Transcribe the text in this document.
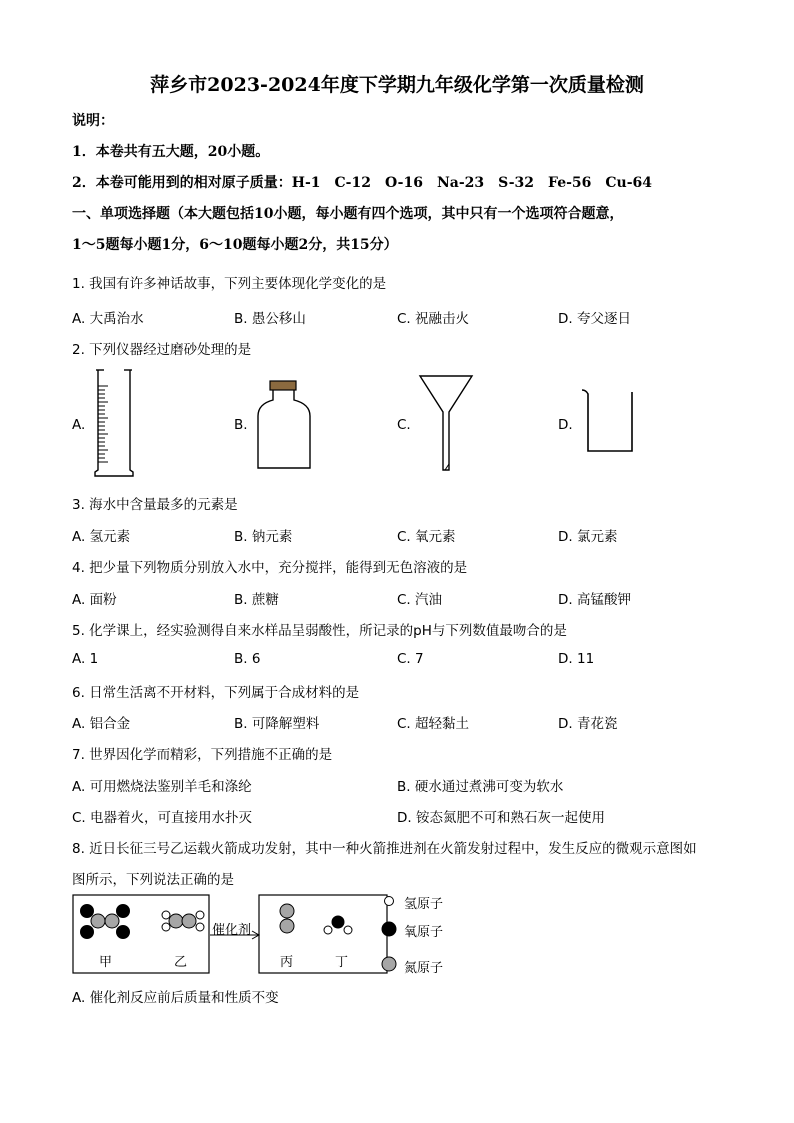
萍乡市2023-2024年度下学期九年级化学第一次质量检测
说明：
1．本卷共有五大题，20小题。
2．本卷可能用到的相对原子质量：H-1　C-12　O-16　Na-23　S-32　Fe-56　Cu-64
一、单项选择题（本大题包括10小题，每小题有四个选项，其中只有一个选项符合题意，
1～5题每小题1分，6～10题每小题2分，共15分）
1. 我国有许多神话故事，下列主要体现化学变化的是
A. 大禹治水	B. 愚公移山	C. 祝融击火	D. 夸父逐日
2. 下列仪器经过磨砂处理的是
A.	B.	C.	D.
3. 海水中含量最多的元素是
A. 氢元素	B. 钠元素	C. 氧元素	D. 氯元素
4. 把少量下列物质分别放入水中，充分搅拌，能得到无色溶液的是
A. 面粉	B. 蔗糖	C. 汽油	D. 高锰酸钾
5. 化学课上，经实验测得自来水样品呈弱酸性，所记录的pH与下列数值最吻合的是
A. 1	B. 6	C. 7	D. 11
6. 日常生活离不开材料，下列属于合成材料的是
A. 铝合金	B. 可降解塑料	C. 超轻黏土	D. 青花瓷
7. 世界因化学而精彩，下列措施不正确的是
A. 可用燃烧法鉴别羊毛和涤纶	B. 硬水通过煮沸可变为软水
C. 电器着火，可直接用水扑灭	D. 铵态氮肥不可和熟石灰一起使用
8. 近日长征三号乙运载火箭成功发射，其中一种火箭推进剂在火箭发射过程中，发生反应的微观示意图如
图所示，下列说法正确的是
催化剂
甲	乙	丙	丁
氢原子
氧原子
氮原子
A. 催化剂反应前后质量和性质不变
